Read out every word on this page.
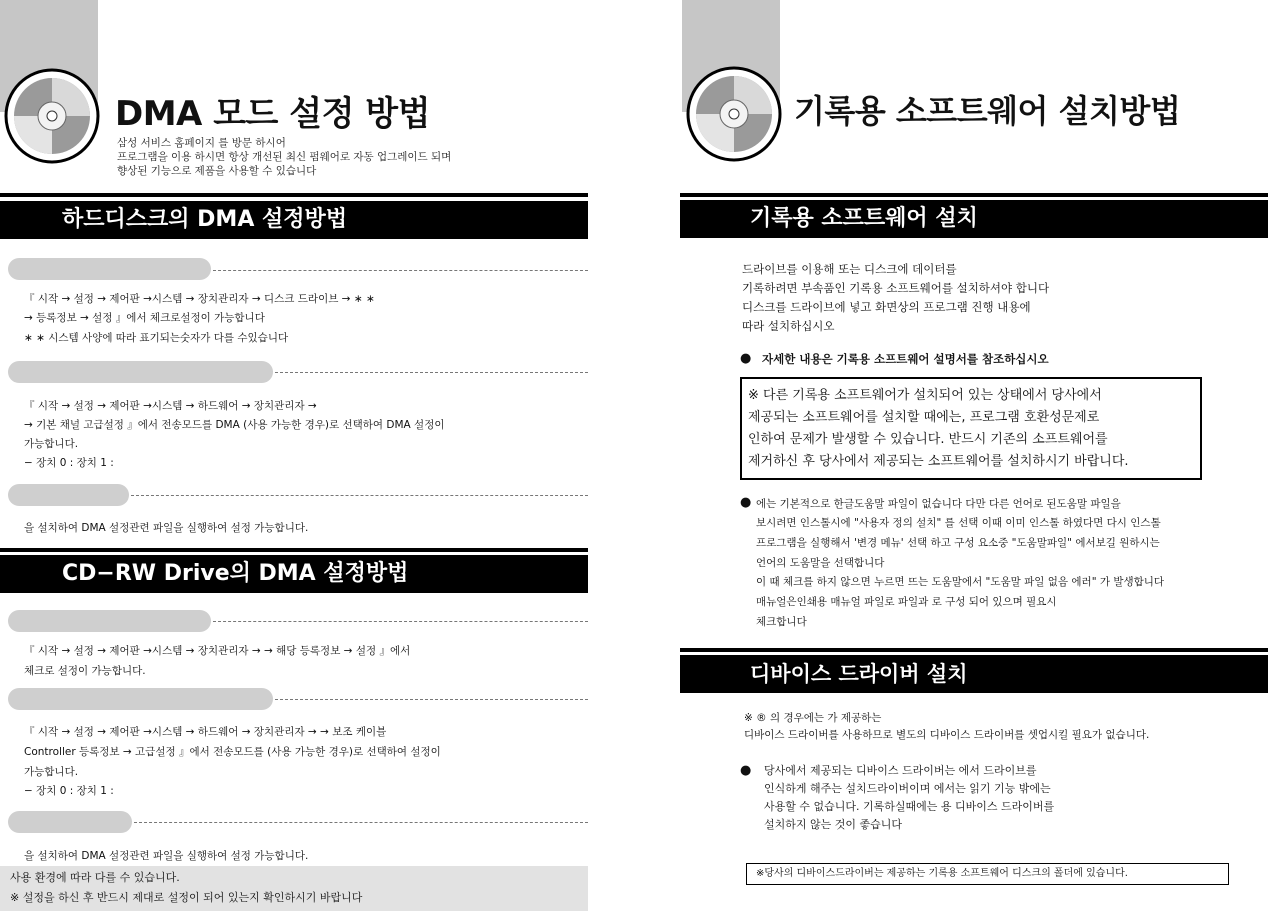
DMA 모드 설정 방법
삼성 서비스 홈페이지 를 방문 하시어
프로그램을 이용 하시면 항상 개선된 최신 펌웨어로 자동 업그레이드 되며
향상된 기능으로 제품을 사용할 수 있습니다
하드디스크의 DMA 설정방법
『 시작 → 설정 → 제어판 →시스템 → 장치관리자 → 디스크 드라이브 → ∗ ∗
→ 등록정보 → 설정 』에서 체크로설정이 가능합니다
∗ ∗ 시스템 사양에 따라 표기되는숫자가 다를 수있습니다
『 시작 → 설정 → 제어판 →시스템 → 하드웨어 → 장치관리자 →
→ 기본 채널 고급설정 』에서 전송모드를 DMA (사용 가능한 경우)로 선택하여 DMA 설정이
가능합니다.
− 장치 0 : 장치 1 :
을 설치하여 DMA 설정관련 파일을 실행하여 설정 가능합니다.
CD−RW Drive의 DMA 설정방법
『 시작 → 설정 → 제어판 →시스템 → 장치관리자 → → 해당 등록정보 → 설정 』에서
체크로 설정이 가능합니다.
『 시작 → 설정 → 제어판 →시스템 → 하드웨어 → 장치관리자 → → 보조 케이블
Controller 등록정보 → 고급설정 』에서 전송모드를 (사용 가능한 경우)로 선택하여 설정이
가능합니다.
− 장치 0 : 장치 1 :
을 설치하여 DMA 설정관련 파일을 실행하여 설정 가능합니다.
사용 환경에 따라 다를 수 있습니다.
※ 설정을 하신 후 반드시 제대로 설정이 되어 있는지 확인하시기 바랍니다
기록용 소프트웨어 설치방법
기록용 소프트웨어 설치
드라이브를 이용해 또는 디스크에 데이터를
기록하려면 부속품인 기록용 소프트웨어를 설치하셔야 합니다
디스크를 드라이브에 넣고 화면상의 프로그램 진행 내용에
따라 설치하십시오
● 자세한 내용은 기록용 소프트웨어 설명서를 참조하십시오
※ 다른 기록용 소프트웨어가 설치되어 있는 상태에서 당사에서
제공되는 소프트웨어를 설치할 때에는, 프로그램 호환성문제로
인하여 문제가 발생할 수 있습니다. 반드시 기존의 소프트웨어를
제거하신 후 당사에서 제공되는 소프트웨어를 설치하시기 바랍니다.
● 에는 기본적으로 한글도움말 파일이 없습니다 다만 다른 언어로 된도움말 파일을
보시려면 인스톨시에 "사용자 정의 설치" 를 선택 이때 이미 인스톨 하였다면 다시 인스톨
프로그램을 실행해서 '변경 메뉴' 선택 하고 구성 요소중 "도움말파일" 에서보길 원하시는
언어의 도움말을 선택합니다
이 때 체크를 하지 않으면 누르면 뜨는 도움말에서 "도움말 파일 없음 에러" 가 발생합니다
매뉴얼은인쇄용 매뉴얼 파일로 파일과 로 구성 되어 있으며 필요시
체크합니다
디바이스 드라이버 설치
※ ® 의 경우에는 가 제공하는
디바이스 드라이버를 사용하므로 별도의 디바이스 드라이버를 셋업시킬 필요가 없습니다.
● 당사에서 제공되는 디바이스 드라이버는 에서 드라이브를
인식하게 해주는 설치드라이버이며 에서는 읽기 기능 밖에는
사용할 수 없습니다. 기록하실때에는 용 디바이스 드라이버를
설치하지 않는 것이 좋습니다
※당사의 디바이스드라이버는 제공하는 기록용 소프트웨어 디스크의 폴더에 있습니다.
